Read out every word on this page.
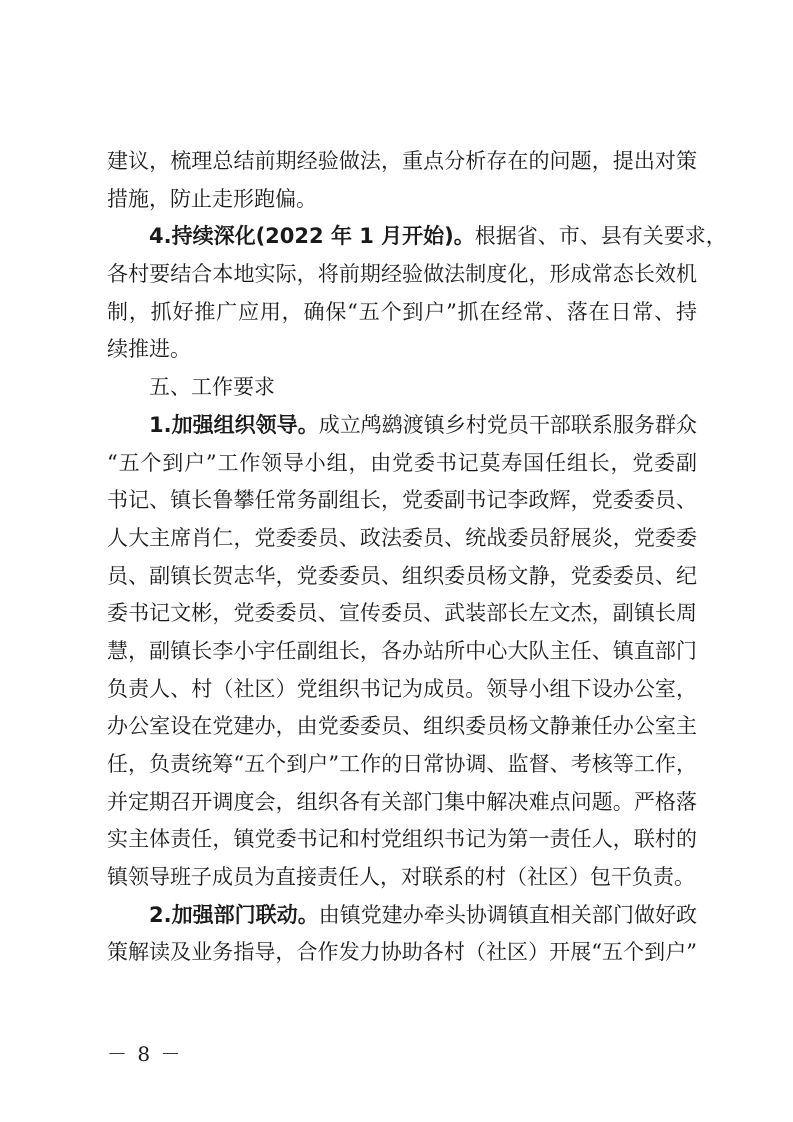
建议，梳理总结前期经验做法，重点分析存在的问题，提出对策
措施，防止走形跑偏。
4.持续深化(2022 年 1 月开始)。根据省、市、县有关要求，
各村要结合本地实际，将前期经验做法制度化，形成常态长效机
制，抓好推广应用，确保“五个到户”抓在经常、落在日常、持
续推进。
五、工作要求
1.加强组织领导。成立鸬鹚渡镇乡村党员干部联系服务群众
“五个到户”工作领导小组，由党委书记莫寿国任组长，党委副
书记、镇长鲁攀任常务副组长，党委副书记李政辉，党委委员、
人大主席肖仁，党委委员、政法委员、统战委员舒展炎，党委委
员、副镇长贺志华，党委委员、组织委员杨文静，党委委员、纪
委书记文彬，党委委员、宣传委员、武装部长左文杰，副镇长周
慧，副镇长李小宇任副组长，各办站所中心大队主任、镇直部门
负责人、村（社区）党组织书记为成员。领导小组下设办公室，
办公室设在党建办，由党委委员、组织委员杨文静兼任办公室主
任，负责统筹“五个到户”工作的日常协调、监督、考核等工作，
并定期召开调度会，组织各有关部门集中解决难点问题。严格落
实主体责任，镇党委书记和村党组织书记为第一责任人，联村的
镇领导班子成员为直接责任人，对联系的村（社区）包干负责。
2.加强部门联动。由镇党建办牵头协调镇直相关部门做好政
策解读及业务指导，合作发力协助各村（社区）开展“五个到户”
－ 8 －
